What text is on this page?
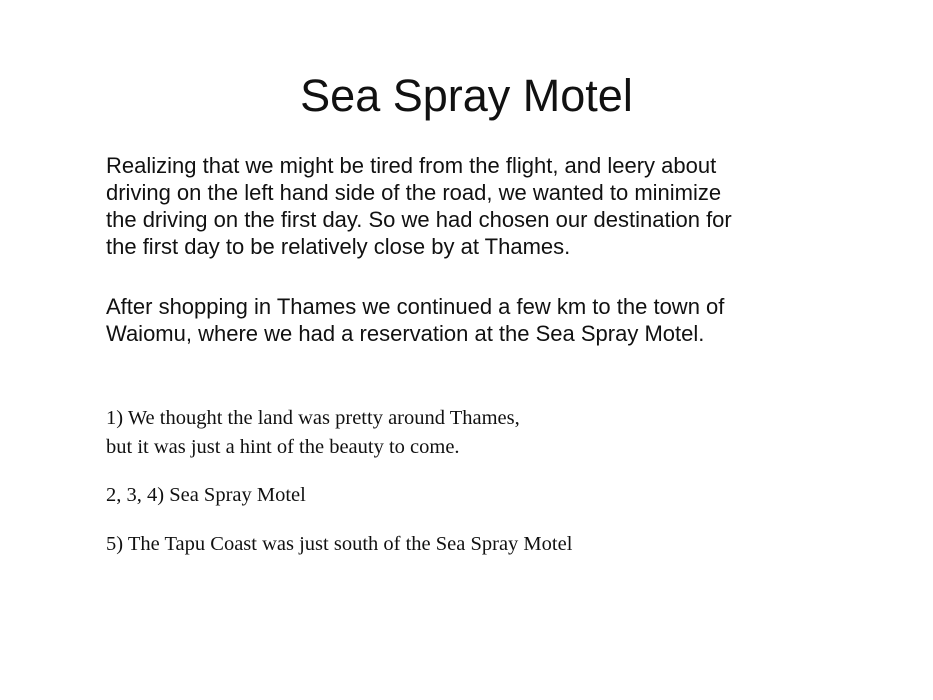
Sea Spray Motel

Realizing that we might be tired from the flight, and leery about
driving on the left hand side of the road, we wanted to minimize
the driving on the first day. So we had chosen our destination for
the first day to be relatively close by at Thames.

After shopping in Thames we continued a few km to the town of
Waiomu, where we had a reservation at the Sea Spray Motel.

1) We thought the land was pretty around Thames,
but it was just a hint of the beauty to come.

2, 3, 4) Sea Spray Motel

5) The Tapu Coast was just south of the Sea Spray Motel
